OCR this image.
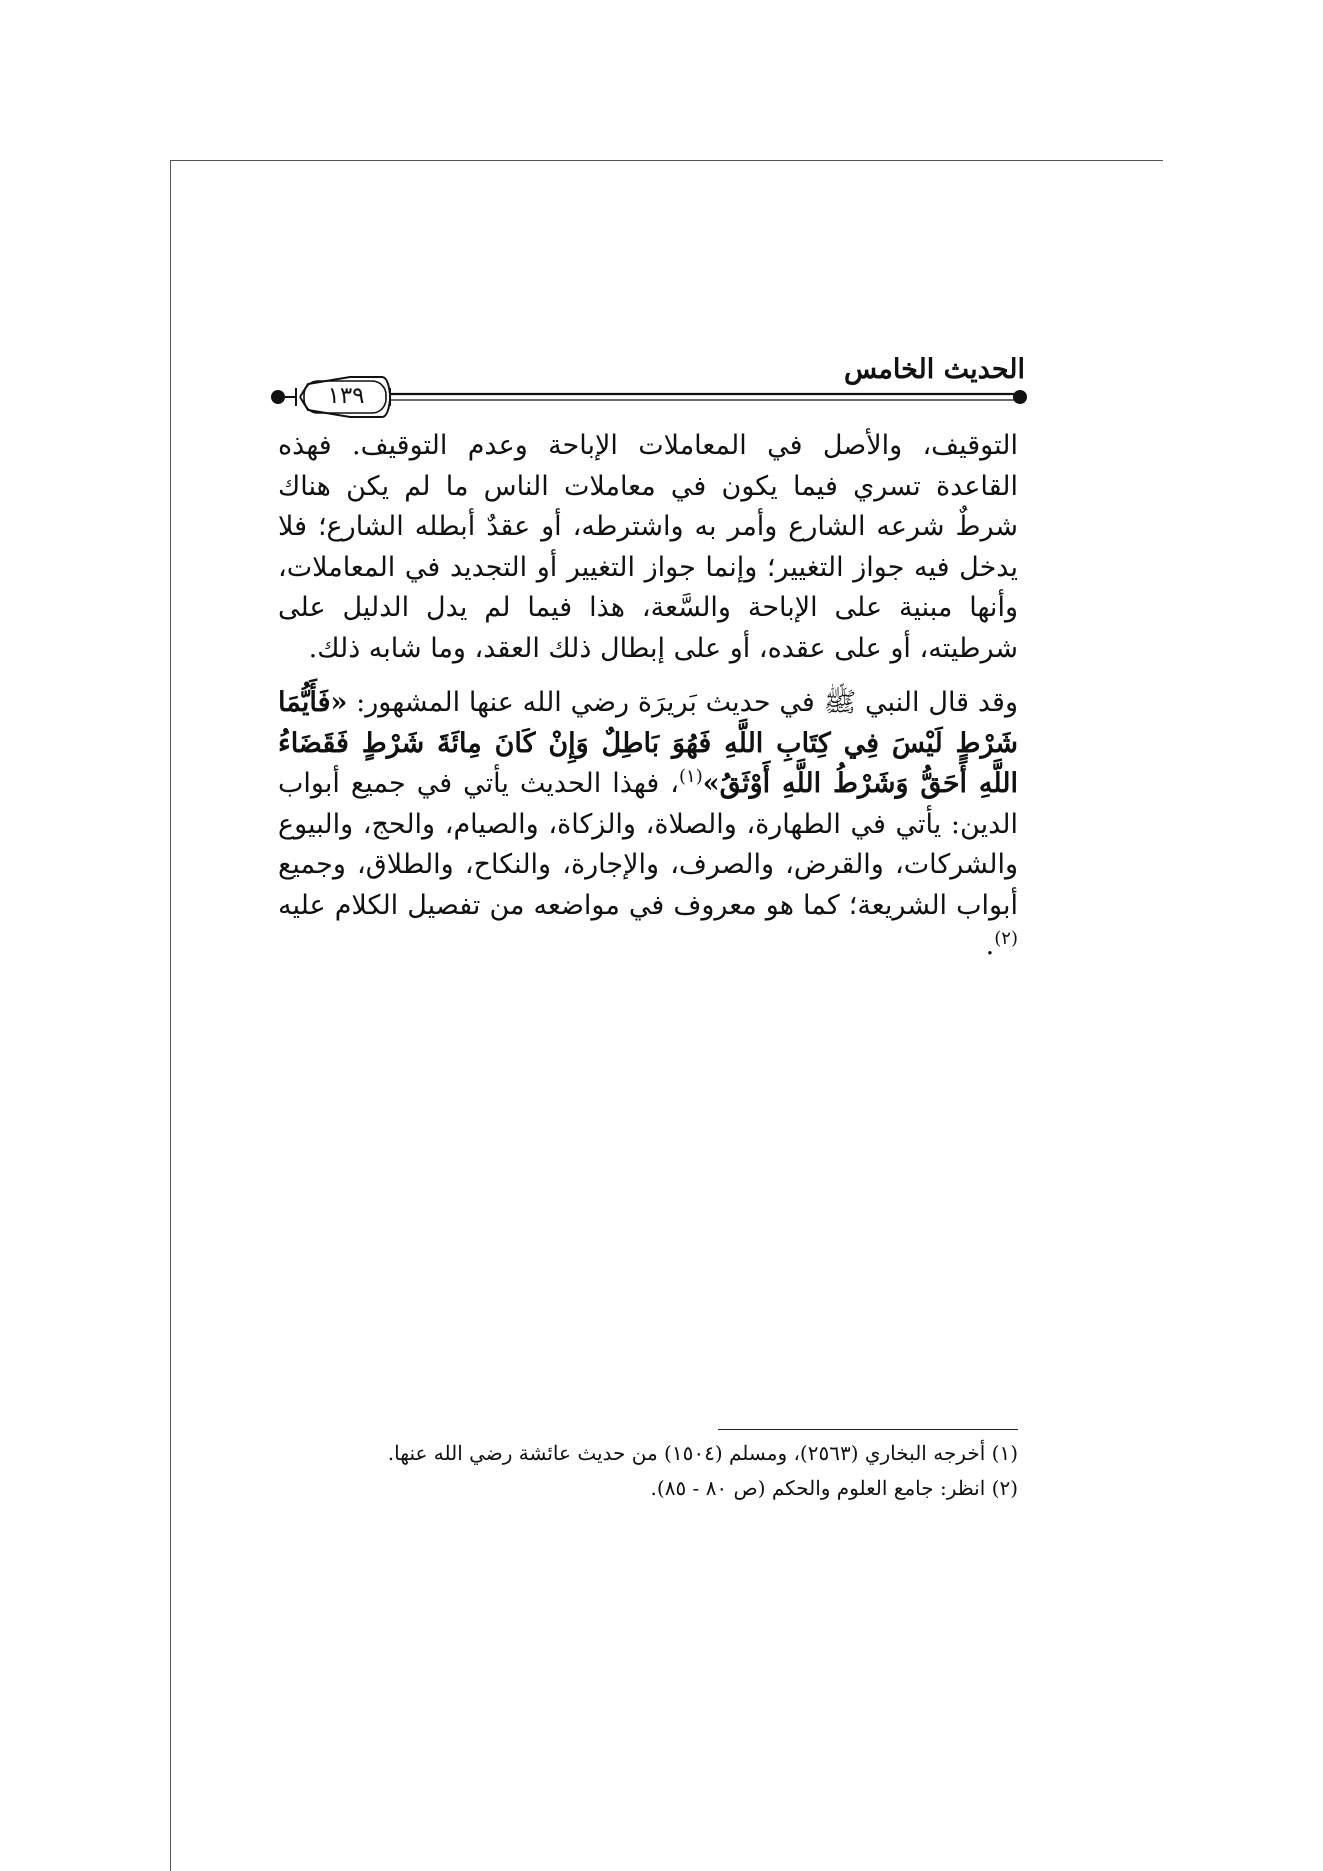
الحديث الخامس
١٣٩

التوقيف، والأصل في المعاملات الإباحة وعدم التوقيف. فهذه القاعدة تسري فيما يكون في معاملات الناس ما لم يكن هناك شرطٌ شرعه الشارع وأمر به واشترطه، أو عقدٌ أبطله الشارع؛ فلا يدخل فيه جواز التغيير؛ وإنما جواز التغيير أو التجديد في المعاملات، وأنها مبنية على الإباحة والسَّعة، هذا فيما لم يدل الدليل على شرطيته، أو على عقده، أو على إبطال ذلك العقد، وما شابه ذلك.

وقد قال النبي ﷺ في حديث بَريرَة رضي الله عنها المشهور: «فَأَيُّمَا شَرْطٍ لَيْسَ فِي كِتَابِ اللَّهِ فَهُوَ بَاطِلٌ وَإِنْ كَانَ مِائَةَ شَرْطٍ فَقَضَاءُ اللَّهِ أَحَقُّ وَشَرْطُ اللَّهِ أَوْثَقُ»$^{(١)}$، فهذا الحديث يأتي في جميع أبواب الدين: يأتي في الطهارة، والصلاة، والزكاة، والصيام، والحج، والبيوع والشركات، والقرض، والصرف، والإجارة، والنكاح، والطلاق، وجميع أبواب الشريعة؛ كما هو معروف في مواضعه من تفصيل الكلام عليه $^{(٢)}$.

(١) أخرجه البخاري (٢٥٦٣)، ومسلم (١٥٠٤) من حديث عائشة رضي الله عنها.
(٢) انظر: جامع العلوم والحكم (ص ٨٠ - ٨٥).
